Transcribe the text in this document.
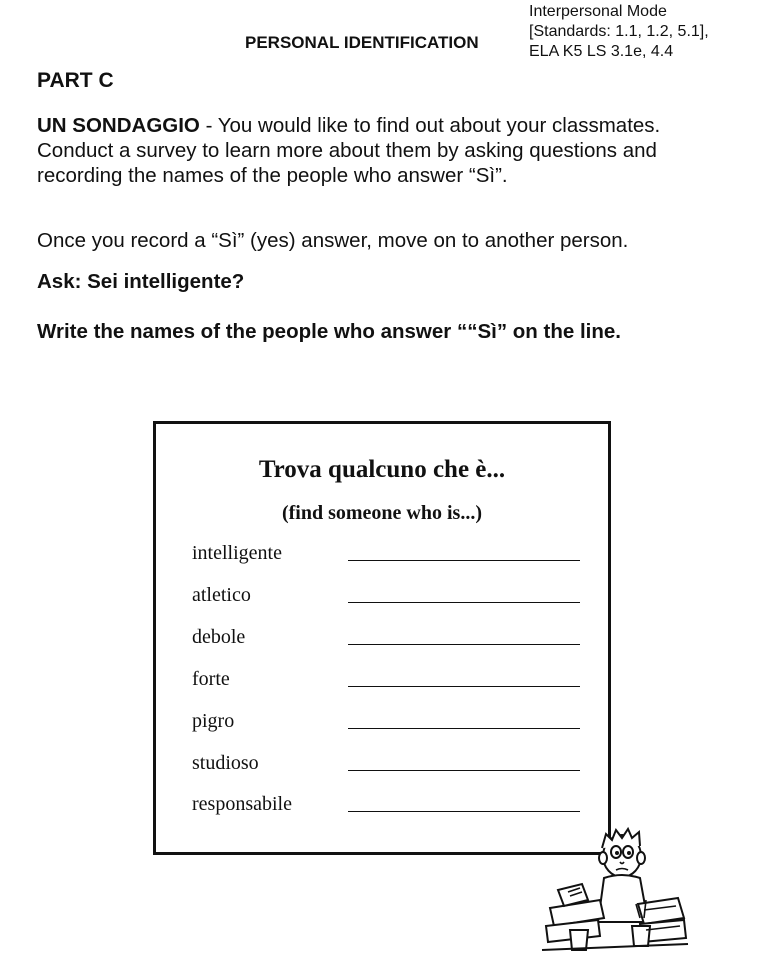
PERSONAL IDENTIFICATION
Interpersonal Mode
[Standards: 1.1, 1.2, 5.1],
ELA K5 LS 3.1e, 4.4
PART C
UN SONDAGGIO - You would like to find out about your classmates. Conduct a survey to learn more about them by asking questions and recording the names of the people who answer “Sì”.
Once you record a “Sì” (yes) answer, move on to another person.
Ask: Sei intelligente?
Write the names of the people who answer ““Sì” on the line.
Trova qualcuno che è...
(find someone who is...)
intelligente
atletico
debole
forte
pigro
studioso
responsabile
